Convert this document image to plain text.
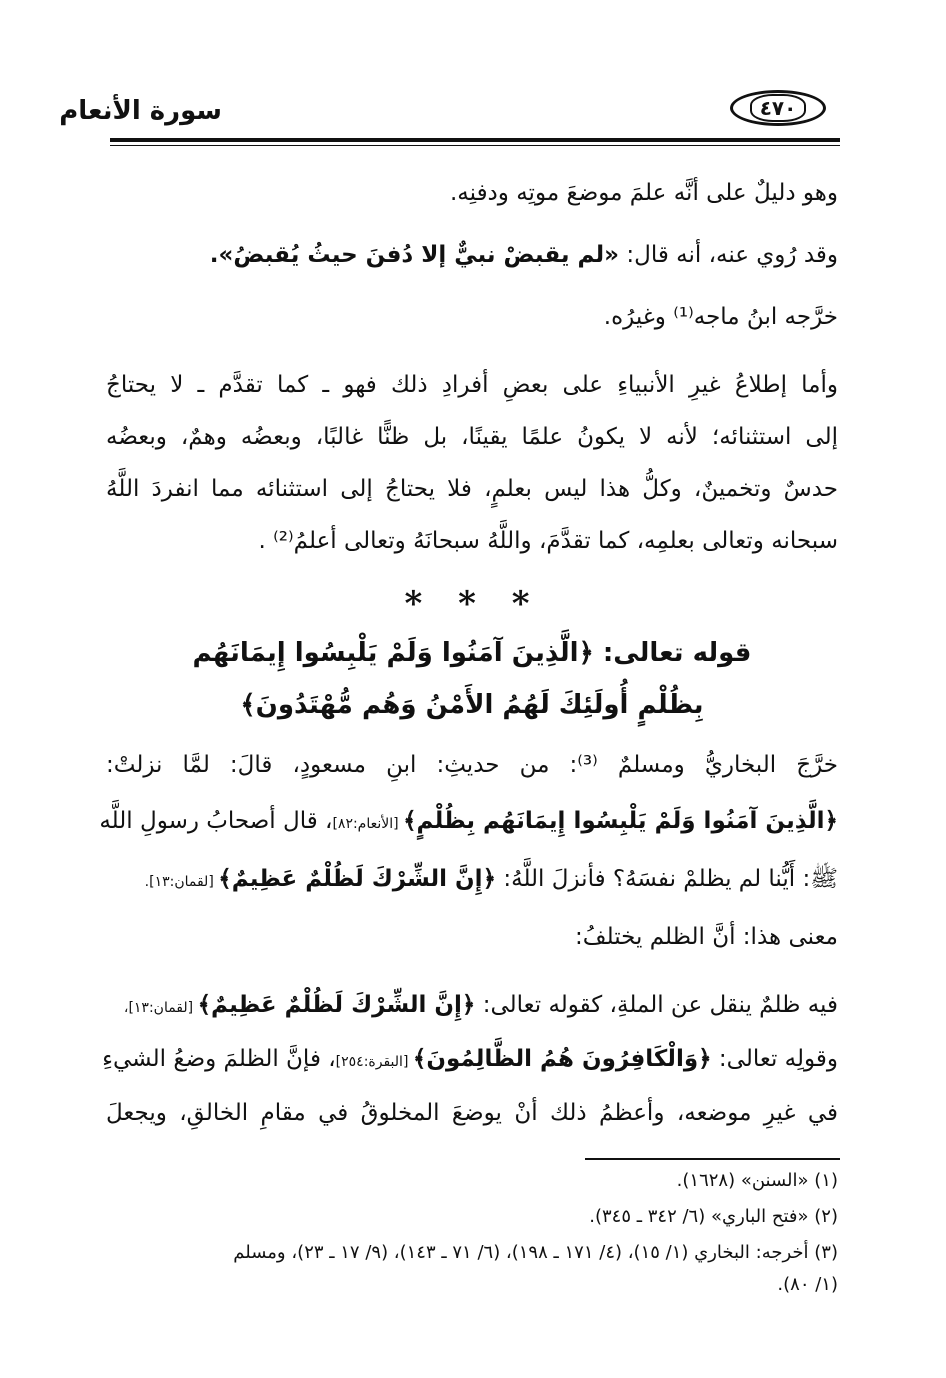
٤٧٠
سورة الأنعام
وهو دليلٌ على أنَّه علمَ موضعَ موتِه ودفنِه.
وقد رُوي عنه، أنه قال: «لم يقبضْ نبيٌّ إلا دُفنَ حيثُ يُقبضُ».
خرَّجه ابنُ ماجه⁽¹⁾ وغيرُه.
وأما إطلاعُ غيرِ الأنبياءِ على بعضِ أفرادِ ذلك فهو ـ كما تقدَّم ـ لا يحتاجُ
إلى استثنائه؛ لأنه لا يكونُ علمًا يقينًا، بل ظنًّا غالبًا، وبعضُه وهمٌ، وبعضُه
حدسٌ وتخمينٌ، وكلُّ هذا ليس بعلمٍ، فلا يحتاجُ إلى استثنائه مما انفردَ اللَّهُ
سبحانه وتعالى بعلمِه، كما تقدَّمَ، واللَّهُ سبحانَهُ وتعالى أعلمُ⁽²⁾ .
* * *
قوله تعالى: ﴿الَّذِينَ آمَنُوا وَلَمْ يَلْبِسُوا إِيمَانَهُم
بِظُلْمٍ أُولَئِكَ لَهُمُ الأَمْنُ وَهُم مُّهْتَدُونَ﴾
خرَّجَ البخاريُّ ومسلمٌ ⁽³⁾: من حديثِ: ابنِ مسعودٍ، قالَ: لمَّا نزلتْ:
﴿الَّذِينَ آمَنُوا وَلَمْ يَلْبِسُوا إِيمَانَهُم بِظُلْمٍ﴾ [الأنعام:٨٢]، قال أصحابُ رسولِ اللَّه
ﷺ: أَيُّنا لم يظلمْ نفسَهُ؟ فأنزلَ اللَّهُ: ﴿إِنَّ الشِّرْكَ لَظُلْمٌ عَظِيمٌ﴾ [لقمان:١٣].
معنى هذا: أنَّ الظلم يختلفُ:
فيه ظلمٌ ينقل عن الملةِ، كقوله تعالى: ﴿إِنَّ الشِّرْكَ لَظُلْمٌ عَظِيمٌ﴾ [لقمان:١٣]،
وقولِه تعالى: ﴿وَالْكَافِرُونَ هُمُ الظَّالِمُونَ﴾ [البقرة:٢٥٤]، فإنَّ الظلمَ وضعُ الشيءِ
في غيرِ موضعه، وأعظمُ ذلك أنْ يوضعَ المخلوقُ في مقامِ الخالقِ، ويجعلَ
(١) «السنن» (١٦٢٨).
(٢) «فتح الباري» (٦/ ٣٤٢ ـ ٣٤٥).
(٣) أخرجه: البخاري (١/ ١٥)، (٤/ ١٧١ ـ ١٩٨)، (٦/ ٧١ ـ ١٤٣)، (٩/ ١٧ ـ ٢٣)، ومسلم
(١/ ٨٠).
